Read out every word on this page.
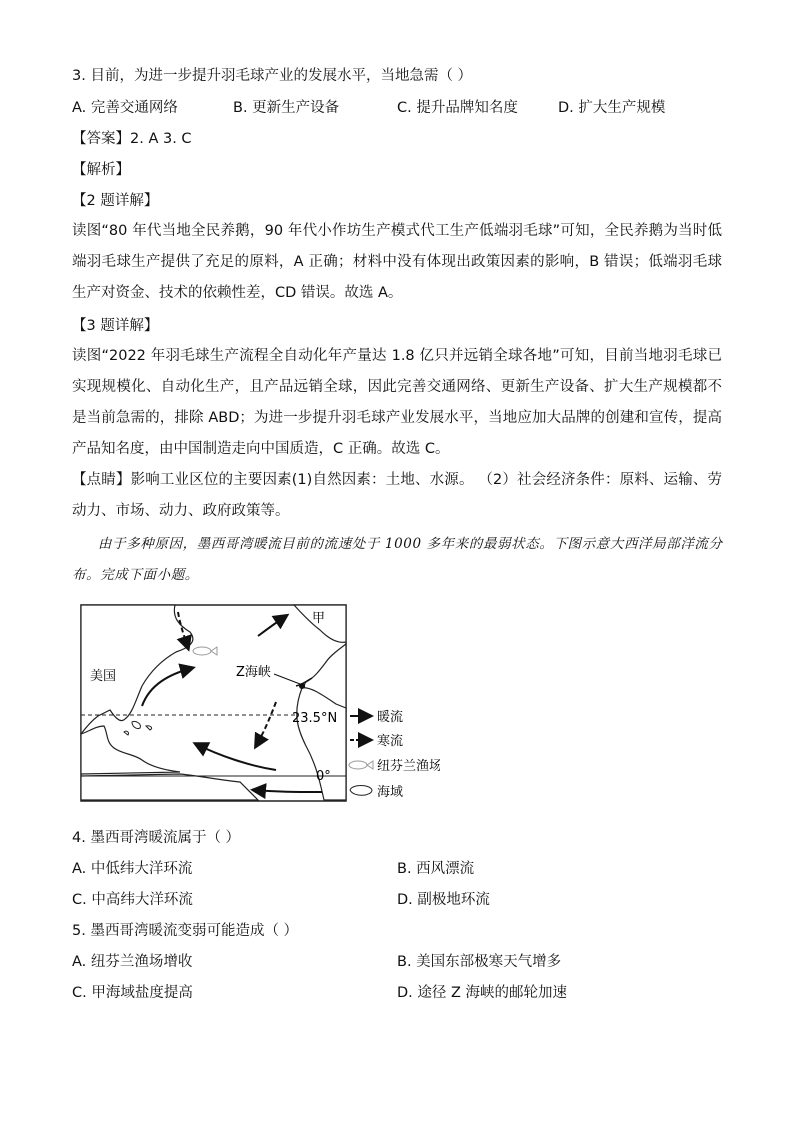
3. 目前，为进一步提升羽毛球产业的发展水平，当地急需（ ）
A. 完善交通网络	B. 更新生产设备	C. 提升品牌知名度	D. 扩大生产规模
【答案】2. A 3. C
【解析】
【2 题详解】
读图“80 年代当地全民养鹅，90 年代小作坊生产模式代工生产低端羽毛球”可知，全民养鹅为当时低端羽毛球生产提供了充足的原料，A 正确；材料中没有体现出政策因素的影响，B 错误；低端羽毛球生产对资金、技术的依赖性差，CD 错误。故选 A。
【3 题详解】
读图“2022 年羽毛球生产流程全自动化年产量达 1.8 亿只并远销全球各地”可知，目前当地羽毛球已实现规模化、自动化生产，且产品远销全球，因此完善交通网络、更新生产设备、扩大生产规模都不是当前急需的，排除 ABD；为进一步提升羽毛球产业发展水平，当地应加大品牌的创建和宣传，提高产品知名度，由中国制造走向中国质造，C 正确。故选 C。
【点睛】影响工业区位的主要因素(1)自然因素：土地、水源。 （2）社会经济条件：原料、运输、劳动力、市场、动力、政府政策等。
由于多种原因，墨西哥湾暖流目前的流速处于 1000 多年来的最弱状态。下图示意大西洋局部洋流分布。完成下面小题。
甲
美国	Z海峡
23.5°N
0°
暖流
寒流
纽芬兰渔场
海域
4. 墨西哥湾暖流属于（ ）
A. 中低纬大洋环流	B. 西风漂流
C. 中高纬大洋环流	D. 副极地环流
5. 墨西哥湾暖流变弱可能造成（ ）
A. 纽芬兰渔场增收	B. 美国东部极寒天气增多
C. 甲海域盐度提高	D. 途径 Z 海峡的邮轮加速
